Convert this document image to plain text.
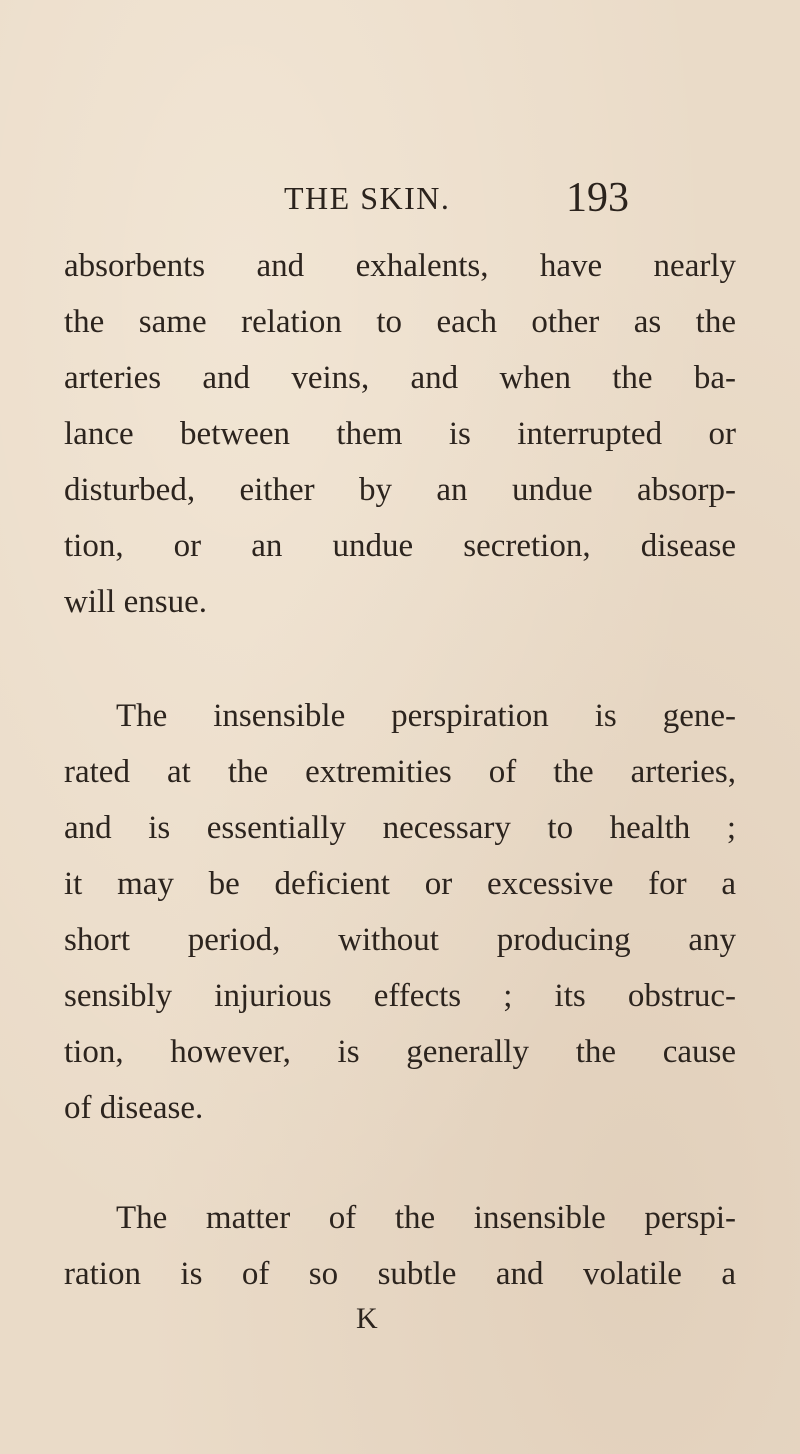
THE SKIN.	193
absorbents and exhalents, have nearly
the same relation to each other as the
arteries and veins, and when the ba-
lance between them is interrupted or
disturbed, either by an undue absorp-
tion, or an undue secretion, disease
will ensue.
The insensible perspiration is gene-
rated at the extremities of the arteries,
and is essentially necessary to health ;
it may be deficient or excessive for a
short period, without producing any
sensibly injurious effects ; its obstruc-
tion, however, is generally the cause
of disease.
The matter of the insensible perspi-
ration is of so subtle and volatile a
K
